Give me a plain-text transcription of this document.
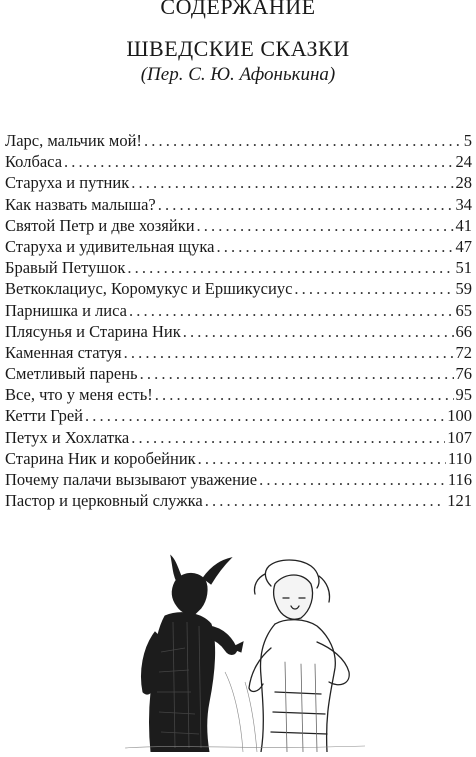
СОДЕРЖАНИЕ
ШВЕДСКИЕ СКАЗКИ
(Пер. С. Ю. Афонькина)
Ларс, мальчик мой! . . .	5
Колбаса . . .	24
Старуха и путник . . .	28
Как назвать малыша? . . .	34
Святой Петр и две хозяйки . . .	41
Старуха и удивительная щука . . .	47
Бравый Петушок . . .	51
Веткоклациус, Коромукус и Ершикусиус . . .	59
Парнишка и лиса . . .	65
Плясунья и Старина Ник . . .	66
Каменная статуя . . .	72
Сметливый парень . . .	76
Все, что у меня есть! . . .	95
Кетти Грей . . .	100
Петух и Хохлатка . . .	107
Старина Ник и коробейник . . .	110
Почему палачи вызывают уважение . . .	116
Пастор и церковный служка . . .	121
